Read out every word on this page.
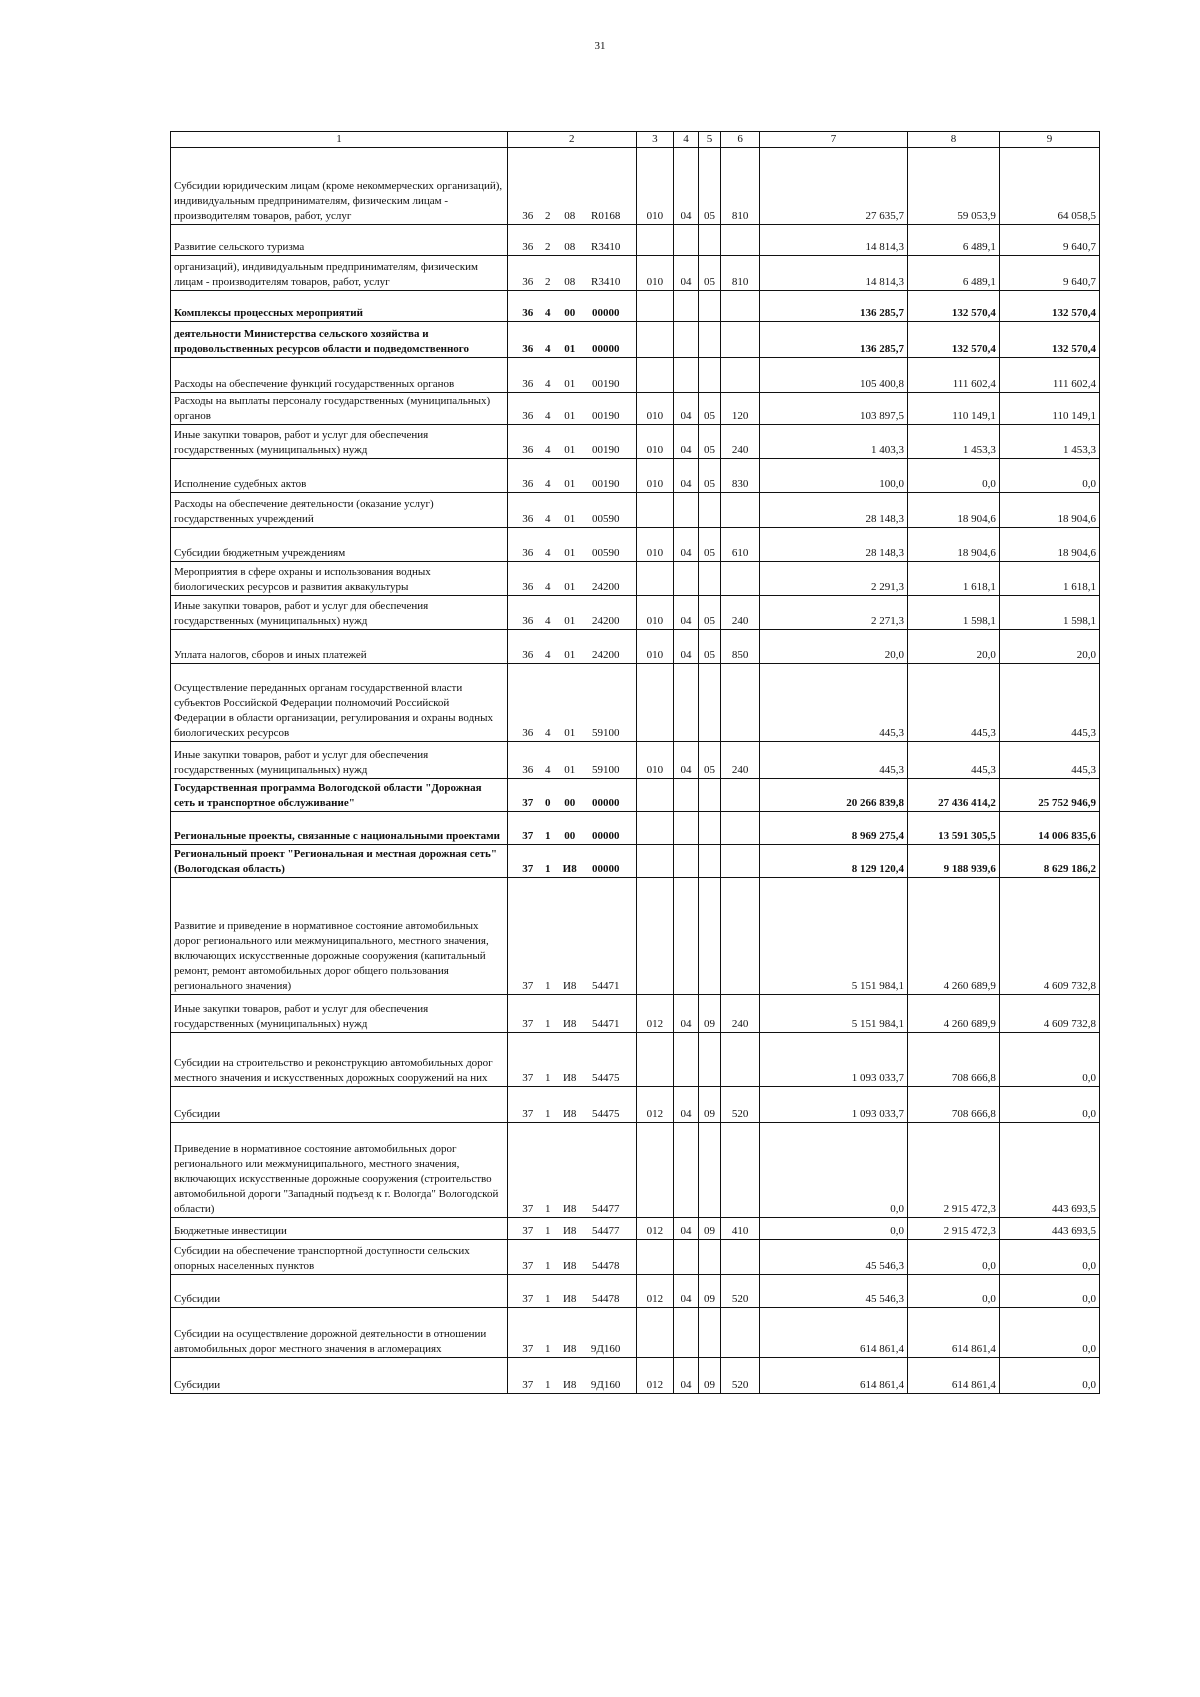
31
1	2	3	4	5	6	7	8	9
Субсидии юридическим лицам (кроме некоммерческих организаций), индивидуальным предпринимателям, физическим лицам - производителям товаров, работ, услуг	36 2 08 R0168	010	04	05	810	27 635,7	59 053,9	64 058,5
Развитие сельского туризма	36 2 08 R3410					14 814,3	6 489,1	9 640,7
организаций), индивидуальным предпринимателям, физическим лицам - производителям товаров, работ, услуг	36 2 08 R3410	010	04	05	810	14 814,3	6 489,1	9 640,7
Комплексы процессных мероприятий	36 4 00 00000					136 285,7	132 570,4	132 570,4
деятельности Министерства сельского хозяйства и продовольственных ресурсов области и подведомственного	36 4 01 00000					136 285,7	132 570,4	132 570,4
Расходы на обеспечение функций государственных органов	36 4 01 00190					105 400,8	111 602,4	111 602,4
Расходы на выплаты персоналу государственных (муниципальных) органов	36 4 01 00190	010	04	05	120	103 897,5	110 149,1	110 149,1
Иные закупки товаров, работ и услуг для обеспечения государственных (муниципальных) нужд	36 4 01 00190	010	04	05	240	1 403,3	1 453,3	1 453,3
Исполнение судебных актов	36 4 01 00190	010	04	05	830	100,0	0,0	0,0
Расходы на обеспечение деятельности (оказание услуг) государственных учреждений	36 4 01 00590					28 148,3	18 904,6	18 904,6
Субсидии бюджетным учреждениям	36 4 01 00590	010	04	05	610	28 148,3	18 904,6	18 904,6
Мероприятия в сфере охраны и использования водных биологических ресурсов и развития аквакультуры	36 4 01 24200					2 291,3	1 618,1	1 618,1
Иные закупки товаров, работ и услуг для обеспечения государственных (муниципальных) нужд	36 4 01 24200	010	04	05	240	2 271,3	1 598,1	1 598,1
Уплата налогов, сборов и иных платежей	36 4 01 24200	010	04	05	850	20,0	20,0	20,0
Осуществление переданных органам государственной власти субъектов Российской Федерации полномочий Российской Федерации в области организации, регулирования и охраны водных биологических ресурсов	36 4 01 59100					445,3	445,3	445,3
Иные закупки товаров, работ и услуг для обеспечения государственных (муниципальных) нужд	36 4 01 59100	010	04	05	240	445,3	445,3	445,3
Государственная программа Вологодской области "Дорожная сеть и транспортное обслуживание"	37 0 00 00000					20 266 839,8	27 436 414,2	25 752 946,9
Региональные проекты, связанные с национальными проектами	37 1 00 00000					8 969 275,4	13 591 305,5	14 006 835,6
Региональный проект "Региональная и местная дорожная сеть" (Вологодская область)	37 1 И8 00000					8 129 120,4	9 188 939,6	8 629 186,2
Развитие и приведение в нормативное состояние автомобильных дорог регионального или межмуниципального, местного значения, включающих искусственные дорожные сооружения (капитальный ремонт, ремонт автомобильных дорог общего пользования регионального значения)	37 1 И8 54471					5 151 984,1	4 260 689,9	4 609 732,8
Иные закупки товаров, работ и услуг для обеспечения государственных (муниципальных) нужд	37 1 И8 54471	012	04	09	240	5 151 984,1	4 260 689,9	4 609 732,8
Субсидии на строительство и реконструкцию автомобильных дорог местного значения и искусственных дорожных сооружений на них	37 1 И8 54475					1 093 033,7	708 666,8	0,0
Субсидии	37 1 И8 54475	012	04	09	520	1 093 033,7	708 666,8	0,0
Приведение в нормативное состояние автомобильных дорог регионального или межмуниципального, местного значения, включающих искусственные дорожные сооружения (строительство автомобильной дороги "Западный подъезд к г. Вологда" Вологодской области)	37 1 И8 54477					0,0	2 915 472,3	443 693,5
Бюджетные инвестиции	37 1 И8 54477	012	04	09	410	0,0	2 915 472,3	443 693,5
Субсидии на обеспечение транспортной доступности сельских опорных населенных пунктов	37 1 И8 54478					45 546,3	0,0	0,0
Субсидии	37 1 И8 54478	012	04	09	520	45 546,3	0,0	0,0
Субсидии на осуществление дорожной деятельности в отношении автомобильных дорог местного значения в агломерациях	37 1 И8 9Д160					614 861,4	614 861,4	0,0
Субсидии	37 1 И8 9Д160	012	04	09	520	614 861,4	614 861,4	0,0
